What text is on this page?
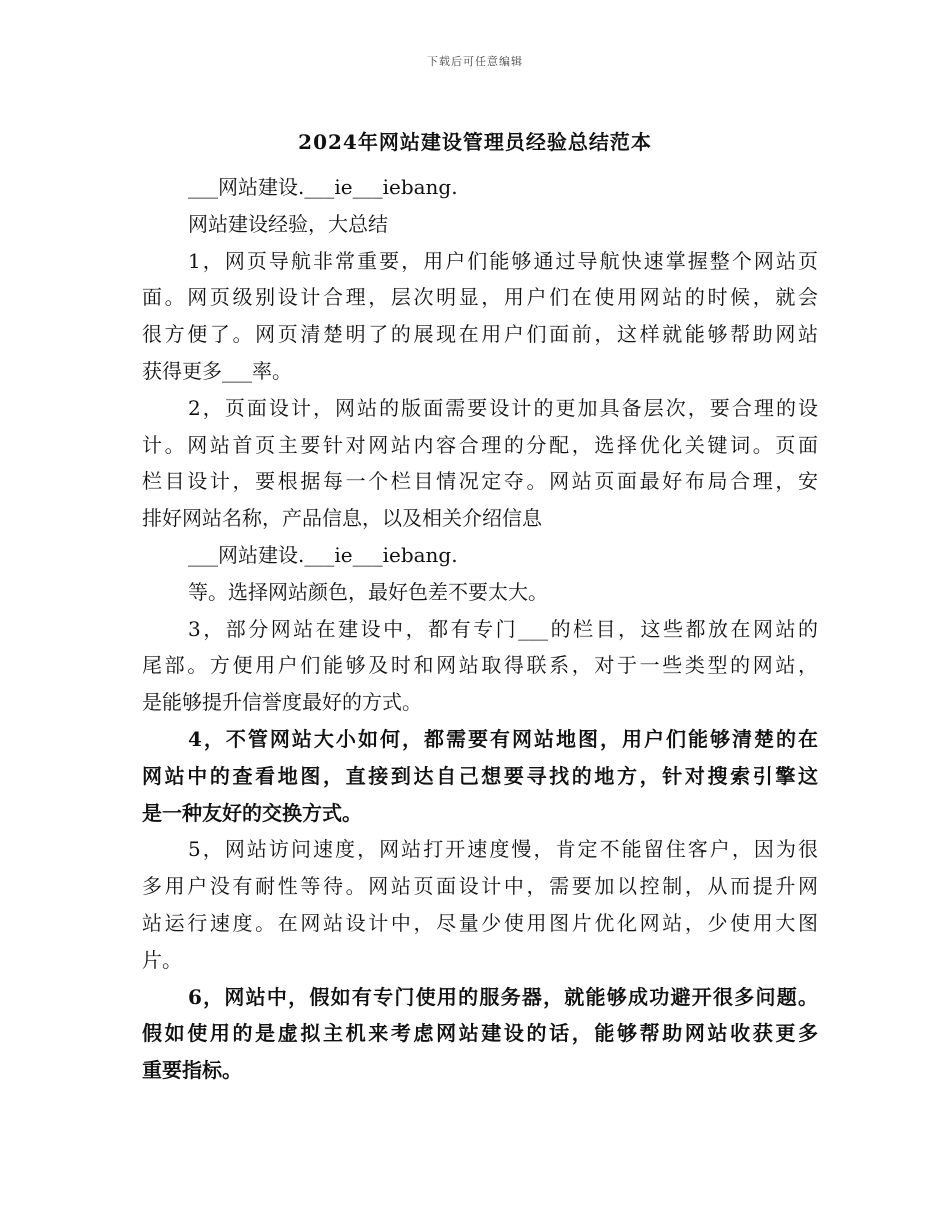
下载后可任意编辑
2024年网站建设管理员经验总结范本
___网站建设.___ie___iebang.
网站建设经验，大总结
1，网页导航非常重要，用户们能够通过导航快速掌握整个网站页
面。网页级别设计合理，层次明显，用户们在使用网站的时候，就会
很方便了。网页清楚明了的展现在用户们面前，这样就能够帮助网站
获得更多___率。
2，页面设计，网站的版面需要设计的更加具备层次，要合理的设
计。网站首页主要针对网站内容合理的分配，选择优化关键词。页面
栏目设计，要根据每一个栏目情况定夺。网站页面最好布局合理，安
排好网站名称，产品信息，以及相关介绍信息
___网站建设.___ie___iebang.
等。选择网站颜色，最好色差不要太大。
3，部分网站在建设中，都有专门___的栏目，这些都放在网站的
尾部。方便用户们能够及时和网站取得联系，对于一些类型的网站，
是能够提升信誉度最好的方式。
4，不管网站大小如何，都需要有网站地图，用户们能够清楚的在
网站中的查看地图，直接到达自己想要寻找的地方，针对搜索引擎这
是一种友好的交换方式。
5，网站访问速度，网站打开速度慢，肯定不能留住客户，因为很
多用户没有耐性等待。网站页面设计中，需要加以控制，从而提升网
站运行速度。在网站设计中，尽量少使用图片优化网站，少使用大图
片。
6，网站中，假如有专门使用的服务器，就能够成功避开很多问题。
假如使用的是虚拟主机来考虑网站建设的话，能够帮助网站收获更多
重要指标。
